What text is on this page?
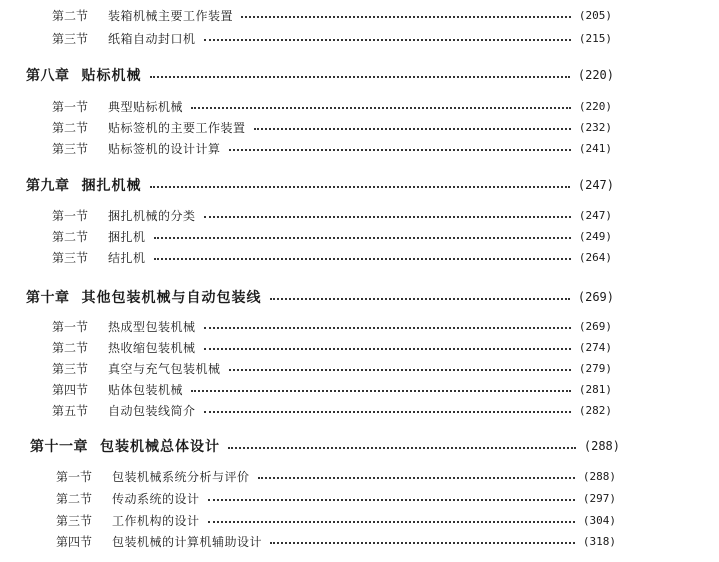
第二节	装箱机械主要工作装置	(205)
第三节	纸箱自动封口机	(215)
第八章 贴标机械	(220)
第一节	典型贴标机械	(220)
第二节	贴标签机的主要工作装置	(232)
第三节	贴标签机的设计计算	(241)
第九章 捆扎机械	(247)
第一节	捆扎机械的分类	(247)
第二节	捆扎机	(249)
第三节	结扎机	(264)
第十章 其他包装机械与自动包装线	(269)
第一节	热成型包装机械	(269)
第二节	热收缩包装机械	(274)
第三节	真空与充气包装机械	(279)
第四节	贴体包装机械	(281)
第五节	自动包装线简介	(282)
第十一章 包装机械总体设计	(288)
第一节	包装机械系统分析与评价	(288)
第二节	传动系统的设计	(297)
第三节	工作机构的设计	(304)
第四节	包装机械的计算机辅助设计	(318)
